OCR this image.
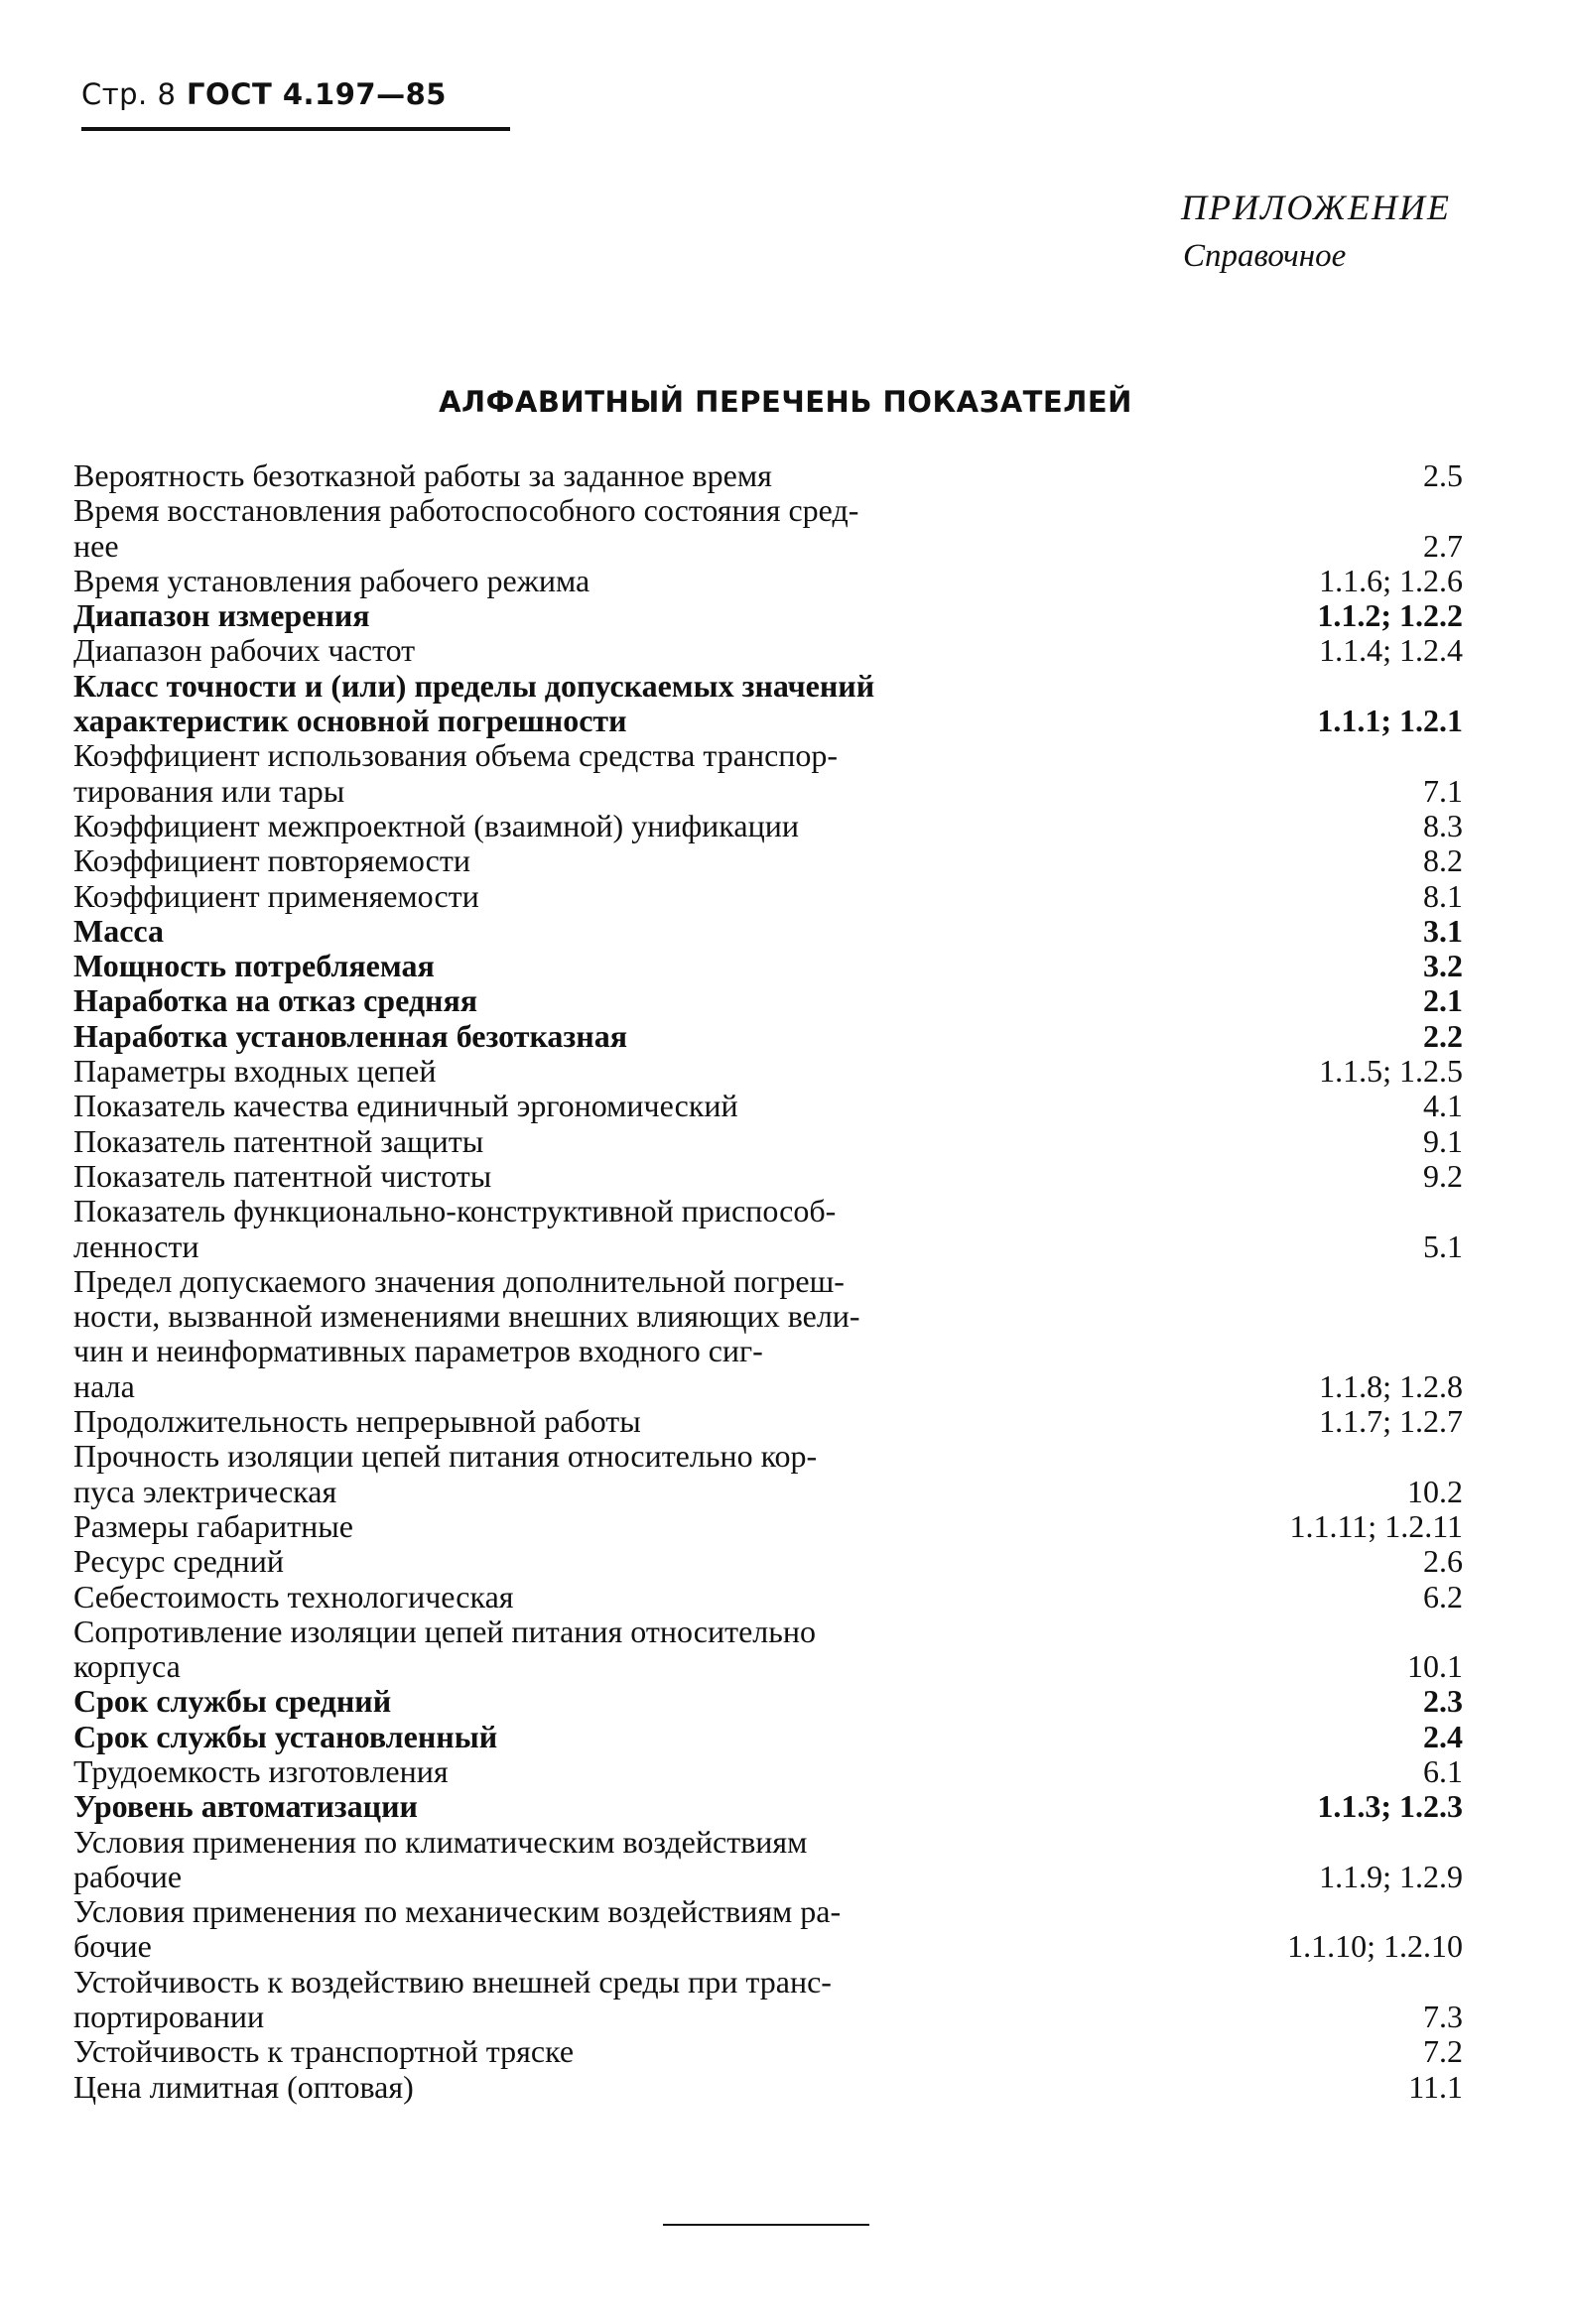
Стр. 8 ГОСТ 4.197—85
ПРИЛОЖЕНИЕ
Справочное
АЛФАВИТНЫЙ ПЕРЕЧЕНЬ ПОКАЗАТЕЛЕЙ
Вероятность безотказной работы за заданное время	2.5
Время восстановления работоспособного состояния сред-
нее	2.7
Время установления рабочего режима	1.1.6; 1.2.6
Диапазон измерения	1.1.2; 1.2.2
Диапазон рабочих частот	1.1.4; 1.2.4
Класс точности и (или) пределы допускаемых значений
характеристик основной погрешности	1.1.1; 1.2.1
Коэффициент использования объема средства транспор-
тирования или тары	7.1
Коэффициент межпроектной (взаимной) унификации	8.3
Коэффициент повторяемости	8.2
Коэффициент применяемости	8.1
Масса	3.1
Мощность потребляемая	3.2
Наработка на отказ средняя	2.1
Наработка установленная безотказная	2.2
Параметры входных цепей	1.1.5; 1.2.5
Показатель качества единичный эргономический	4.1
Показатель патентной защиты	9.1
Показатель патентной чистоты	9.2
Показатель функционально-конструктивной приспособ-
ленности	5.1
Предел допускаемого значения дополнительной погреш-
ности, вызванной изменениями внешних влияющих вели-
чин и неинформативных параметров входного сиг-
нала	1.1.8; 1.2.8
Продолжительность непрерывной работы	1.1.7; 1.2.7
Прочность изоляции цепей питания относительно кор-
пуса электрическая	10.2
Размеры габаритные	1.1.11; 1.2.11
Ресурс средний	2.6
Себестоимость технологическая	6.2
Сопротивление изоляции цепей питания относительно
корпуса	10.1
Срок службы средний	2.3
Срок службы установленный	2.4
Трудоемкость изготовления	6.1
Уровень автоматизации	1.1.3; 1.2.3
Условия применения по климатическим воздействиям
рабочие	1.1.9; 1.2.9
Условия применения по механическим воздействиям ра-
бочие	1.1.10; 1.2.10
Устойчивость к воздействию внешней среды при транс-
портировании	7.3
Устойчивость к транспортной тряске	7.2
Цена лимитная (оптовая)	11.1
